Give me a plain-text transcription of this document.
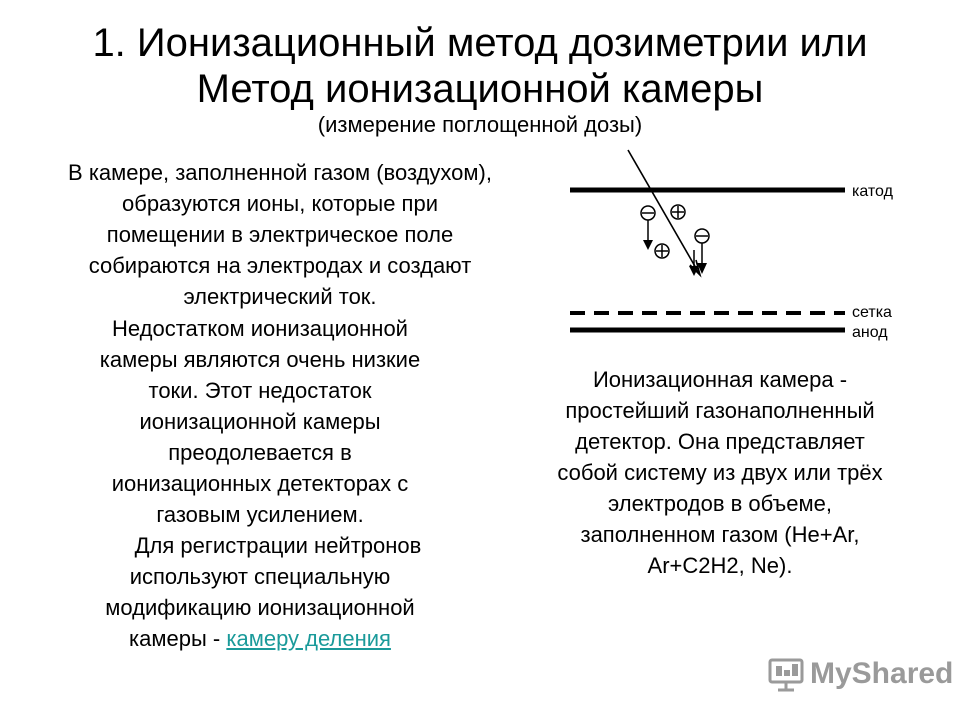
1. Ионизационный метод дозиметрии или
Метод ионизационной камеры
(измерение поглощенной дозы)
В камере, заполненной газом (воздухом),
образуются ионы, которые при
помещении в электрическое поле
собираются на электродах и создают
электрический ток.
Недостатком ионизационной
камеры являются очень низкие
токи. Этот недостаток
ионизационной камеры
преодолевается в
ионизационных детекторах с
газовым усилением.
Для регистрации нейтронов
используют специальную
модификацию ионизационной
камеры - камеру деления
Ионизационная камера -
простейший газонаполненный
детектор. Она представляет
собой систему из двух или трёх
электродов в объеме,
заполненном газом (He+Ar,
Ar+C2H2, Ne).
катод
сетка
анод
MyShared
